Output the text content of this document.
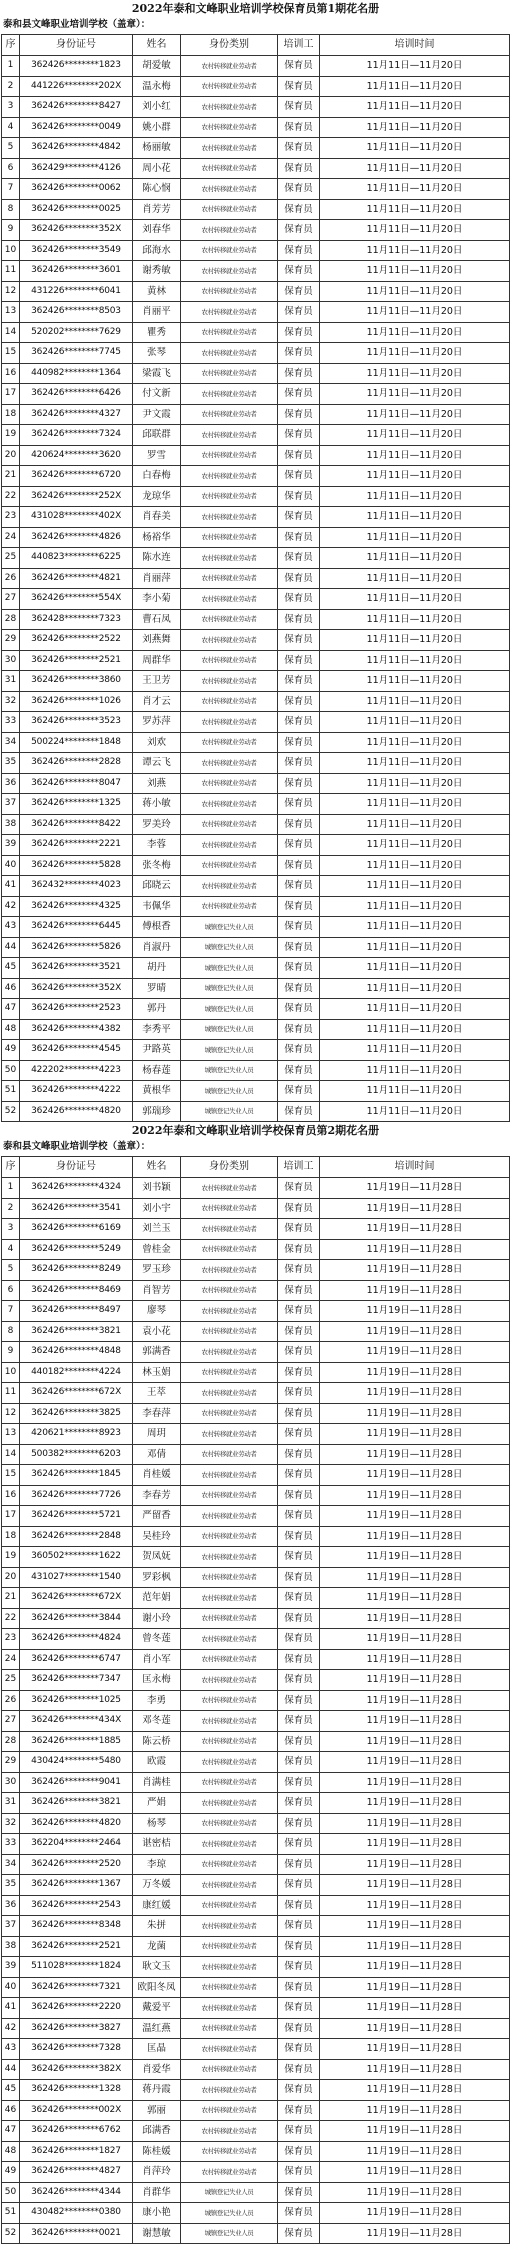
2022年泰和文峰职业培训学校保育员第1期花名册
泰和县文峰职业培训学校（盖章）：
序	身份证号	姓名	身份类别	培训工	培训时间
1	362426********1823	胡爱敏	农村转移就业劳动者	保育员	11月11日—11月20日
2	441226********202X	温永梅	农村转移就业劳动者	保育员	11月11日—11月20日
3	362426********8427	刘小红	农村转移就业劳动者	保育员	11月11日—11月20日
4	362426********0049	姚小群	农村转移就业劳动者	保育员	11月11日—11月20日
5	362426********4842	杨丽敏	农村转移就业劳动者	保育员	11月11日—11月20日
6	362429********4126	周小花	农村转移就业劳动者	保育员	11月11日—11月20日
7	362426********0062	陈心悯	农村转移就业劳动者	保育员	11月11日—11月20日
8	362426********0025	肖芳芳	农村转移就业劳动者	保育员	11月11日—11月20日
9	362426********352X	刘春华	农村转移就业劳动者	保育员	11月11日—11月20日
10	362426********3549	邱海水	农村转移就业劳动者	保育员	11月11日—11月20日
11	362426********3601	谢秀敏	农村转移就业劳动者	保育员	11月11日—11月20日
12	431226********6041	黄林	农村转移就业劳动者	保育员	11月11日—11月20日
13	362426********8503	肖丽平	农村转移就业劳动者	保育员	11月11日—11月20日
14	520202********7629	瞿秀	农村转移就业劳动者	保育员	11月11日—11月20日
15	362426********7745	张琴	农村转移就业劳动者	保育员	11月11日—11月20日
16	440982********1364	梁霞飞	农村转移就业劳动者	保育员	11月11日—11月20日
17	362426********6426	付文新	农村转移就业劳动者	保育员	11月11日—11月20日
18	362426********4327	尹文霞	农村转移就业劳动者	保育员	11月11日—11月20日
19	362426********7324	邱联群	农村转移就业劳动者	保育员	11月11日—11月20日
20	420624********3620	罗雪	农村转移就业劳动者	保育员	11月11日—11月20日
21	362426********6720	白春梅	农村转移就业劳动者	保育员	11月11日—11月20日
22	362426********252X	龙琼华	农村转移就业劳动者	保育员	11月11日—11月20日
23	431028********402X	肖春美	农村转移就业劳动者	保育员	11月11日—11月20日
24	362426********4826	杨裕华	农村转移就业劳动者	保育员	11月11日—11月20日
25	440823********6225	陈水连	农村转移就业劳动者	保育员	11月11日—11月20日
26	362426********4821	肖丽萍	农村转移就业劳动者	保育员	11月11日—11月20日
27	362426********554X	李小菊	农村转移就业劳动者	保育员	11月11日—11月20日
28	362428********7323	曹石凤	农村转移就业劳动者	保育员	11月11日—11月20日
29	362426********2522	刘燕舞	农村转移就业劳动者	保育员	11月11日—11月20日
30	362426********2521	周群华	农村转移就业劳动者	保育员	11月11日—11月20日
31	362426********3860	王卫芳	农村转移就业劳动者	保育员	11月11日—11月20日
32	362426********1026	肖才云	农村转移就业劳动者	保育员	11月11日—11月20日
33	362426********3523	罗苏萍	农村转移就业劳动者	保育员	11月11日—11月20日
34	500224********1848	刘欢	农村转移就业劳动者	保育员	11月11日—11月20日
35	362426********2828	谭云飞	农村转移就业劳动者	保育员	11月11日—11月20日
36	362426********8047	刘燕	农村转移就业劳动者	保育员	11月11日—11月20日
37	362426********1325	蒋小敏	农村转移就业劳动者	保育员	11月11日—11月20日
38	362426********8422	罗美玲	农村转移就业劳动者	保育员	11月11日—11月20日
39	362426********2221	李蓉	农村转移就业劳动者	保育员	11月11日—11月20日
40	362426********5828	张冬梅	农村转移就业劳动者	保育员	11月11日—11月20日
41	362432********4023	邱晓云	农村转移就业劳动者	保育员	11月11日—11月20日
42	362426********4325	韦佩华	农村转移就业劳动者	保育员	11月11日—11月20日
43	362426********6445	傅根香	城镇登记失业人员	保育员	11月11日—11月20日
44	362426********5826	肖淑丹	城镇登记失业人员	保育员	11月11日—11月20日
45	362426********3521	胡丹	城镇登记失业人员	保育员	11月11日—11月20日
46	362426********352X	罗晴	城镇登记失业人员	保育员	11月11日—11月20日
47	362426********2523	郭丹	城镇登记失业人员	保育员	11月11日—11月20日
48	362426********4382	李秀平	城镇登记失业人员	保育员	11月11日—11月20日
49	362426********4545	尹路英	城镇登记失业人员	保育员	11月11日—11月20日
50	422202********4223	杨春莲	城镇登记失业人员	保育员	11月11日—11月20日
51	362426********4222	黄根华	城镇登记失业人员	保育员	11月11日—11月20日
52	362426********4820	郭瑞珍	城镇登记失业人员	保育员	11月11日—11月20日
2022年泰和文峰职业培训学校保育员第2期花名册
泰和县文峰职业培训学校（盖章）：
序	身份证号	姓名	身份类别	培训工	培训时间
1	362426********4324	刘书颖	农村转移就业劳动者	保育员	11月19日—11月28日
2	362426********3541	刘小宇	农村转移就业劳动者	保育员	11月19日—11月28日
3	362426********6169	刘兰玉	农村转移就业劳动者	保育员	11月19日—11月28日
4	362426********5249	曾桂金	农村转移就业劳动者	保育员	11月19日—11月28日
5	362426********8249	罗玉珍	农村转移就业劳动者	保育员	11月19日—11月28日
6	362426********8469	肖智芳	农村转移就业劳动者	保育员	11月19日—11月28日
7	362426********8497	廖琴	农村转移就业劳动者	保育员	11月19日—11月28日
8	362426********3821	袁小花	农村转移就业劳动者	保育员	11月19日—11月28日
9	362426********4848	郭满香	农村转移就业劳动者	保育员	11月19日—11月28日
10	440182********4224	林玉娟	农村转移就业劳动者	保育员	11月19日—11月28日
11	362426********672X	王萃	农村转移就业劳动者	保育员	11月19日—11月28日
12	362426********3825	李春萍	农村转移就业劳动者	保育员	11月19日—11月28日
13	420621********8923	周玥	农村转移就业劳动者	保育员	11月19日—11月28日
14	500382********6203	邓倩	农村转移就业劳动者	保育员	11月19日—11月28日
15	362426********1845	肖桂媛	农村转移就业劳动者	保育员	11月19日—11月28日
16	362426********7726	李春芳	农村转移就业劳动者	保育员	11月19日—11月28日
17	362426********5721	严留香	农村转移就业劳动者	保育员	11月19日—11月28日
18	362426********2848	吴桂玲	农村转移就业劳动者	保育员	11月19日—11月28日
19	360502********1622	贺凤妩	农村转移就业劳动者	保育员	11月19日—11月28日
20	431027********1540	罗彩枫	农村转移就业劳动者	保育员	11月19日—11月28日
21	362426********672X	范年娟	农村转移就业劳动者	保育员	11月19日—11月28日
22	362426********3844	谢小玲	农村转移就业劳动者	保育员	11月19日—11月28日
23	362426********4824	曾冬莲	农村转移就业劳动者	保育员	11月19日—11月28日
24	362426********6747	肖小军	农村转移就业劳动者	保育员	11月19日—11月28日
25	362426********7347	匡永梅	农村转移就业劳动者	保育员	11月19日—11月28日
26	362426********1025	李勇	农村转移就业劳动者	保育员	11月19日—11月28日
27	362426********434X	邓冬莲	农村转移就业劳动者	保育员	11月19日—11月28日
28	362426********1885	陈云桥	农村转移就业劳动者	保育员	11月19日—11月28日
29	430424********5480	欧霞	农村转移就业劳动者	保育员	11月19日—11月28日
30	362426********9041	肖满桂	农村转移就业劳动者	保育员	11月19日—11月28日
31	362426********3821	严娟	农村转移就业劳动者	保育员	11月19日—11月28日
32	362426********4820	杨琴	农村转移就业劳动者	保育员	11月19日—11月28日
33	362204********2464	谌密桔	农村转移就业劳动者	保育员	11月19日—11月28日
34	362426********2520	李琼	农村转移就业劳动者	保育员	11月19日—11月28日
35	362426********1367	万冬媛	农村转移就业劳动者	保育员	11月19日—11月28日
36	362426********2543	康红媛	农村转移就业劳动者	保育员	11月19日—11月28日
37	362426********8348	朱拼	农村转移就业劳动者	保育员	11月19日—11月28日
38	362426********2521	龙菌	农村转移就业劳动者	保育员	11月19日—11月28日
39	511028********1824	耿文玉	农村转移就业劳动者	保育员	11月19日—11月28日
40	362426********7321	欧阳冬凤	农村转移就业劳动者	保育员	11月19日—11月28日
41	362426********2220	戴爱平	农村转移就业劳动者	保育员	11月19日—11月28日
42	362426********3827	温红燕	农村转移就业劳动者	保育员	11月19日—11月28日
43	362426********7328	匡晶	农村转移就业劳动者	保育员	11月19日—11月28日
44	362426********382X	肖爱华	农村转移就业劳动者	保育员	11月19日—11月28日
45	362426********1328	蒋丹霞	农村转移就业劳动者	保育员	11月19日—11月28日
46	362426********002X	郭丽	农村转移就业劳动者	保育员	11月19日—11月28日
47	362426********6762	邱满香	农村转移就业劳动者	保育员	11月19日—11月28日
48	362426********1827	陈桂媛	农村转移就业劳动者	保育员	11月19日—11月28日
49	362426********4827	肖萍玲	农村转移就业劳动者	保育员	11月19日—11月28日
50	362426********4344	肖群华	城镇登记失业人员	保育员	11月19日—11月28日
51	430482********0380	康小艳	城镇登记失业人员	保育员	11月19日—11月28日
52	362426********0021	谢慧敏	城镇登记失业人员	保育员	11月19日—11月28日
